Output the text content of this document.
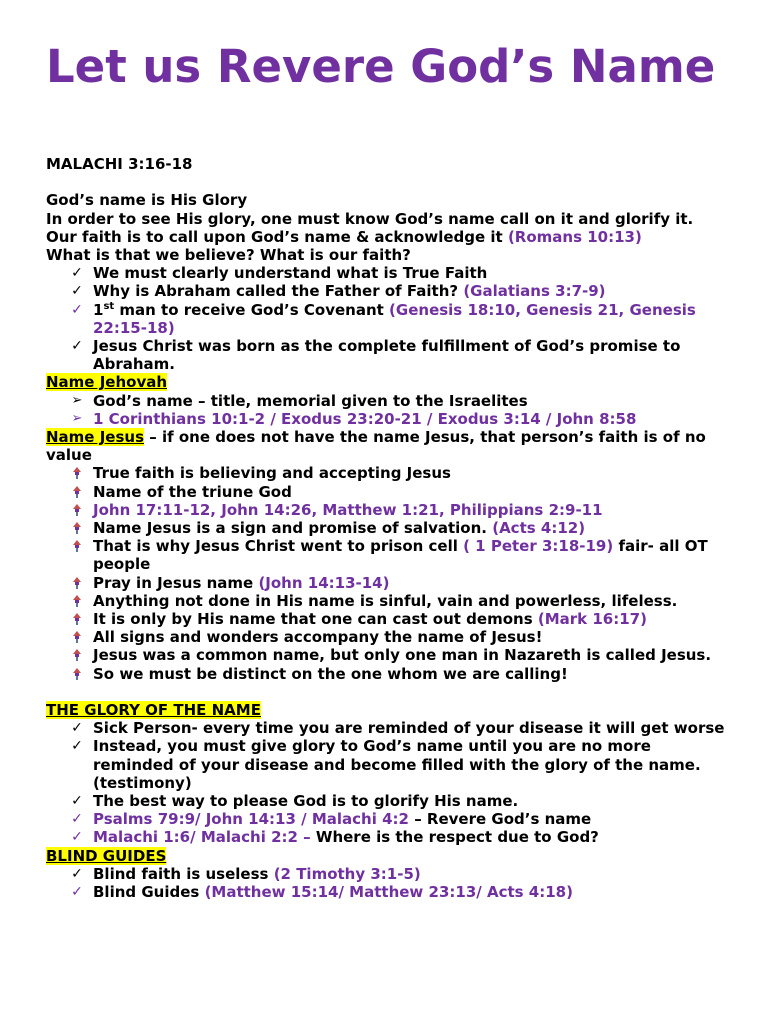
Let us Revere God’s Name

MALACHI 3:16-18

God’s name is His Glory

In order to see His glory, one must know God’s name call on it and glorify it.

Our faith is to call upon God’s name & acknowledge it (Romans 10:13)

What is that we believe? What is our faith?

✓ We must clearly understand what is True Faith
✓ Why is Abraham called the Father of Faith? (Galatians 3:7-9)
✓ 1st man to receive God’s Covenant (Genesis 18:10, Genesis 21, Genesis 22:15-18)
✓ Jesus Christ was born as the complete fulfillment of God’s promise to Abraham.

Name Jehovah

➢ God’s name – title, memorial given to the Israelites
➢ 1 Corinthians 10:1-2 / Exodus 23:20-21 / Exodus 3:14 / John 8:58

Name Jesus – if one does not have the name Jesus, that person’s faith is of no value

True faith is believing and accepting Jesus
Name of the triune God
John 17:11-12, John 14:26, Matthew 1:21, Philippians 2:9-11
Name Jesus is a sign and promise of salvation. (Acts 4:12)
That is why Jesus Christ went to prison cell ( 1 Peter 3:18-19) fair- all OT people
Pray in Jesus name (John 14:13-14)
Anything not done in His name is sinful, vain and powerless, lifeless.
It is only by His name that one can cast out demons (Mark 16:17)
All signs and wonders accompany the name of Jesus!
Jesus was a common name, but only one man in Nazareth is called Jesus.
So we must be distinct on the one whom we are calling!

THE GLORY OF THE NAME

✓ Sick Person- every time you are reminded of your disease it will get worse
✓ Instead, you must give glory to God’s name until you are no more reminded of your disease and become filled with the glory of the name. (testimony)
✓ The best way to please God is to glorify His name.
✓ Psalms 79:9/ John 14:13 / Malachi 4:2 – Revere God’s name
✓ Malachi 1:6/ Malachi 2:2 – Where is the respect due to God?

BLIND GUIDES

✓ Blind faith is useless (2 Timothy 3:1-5)
✓ Blind Guides (Matthew 15:14/ Matthew 23:13/ Acts 4:18)
